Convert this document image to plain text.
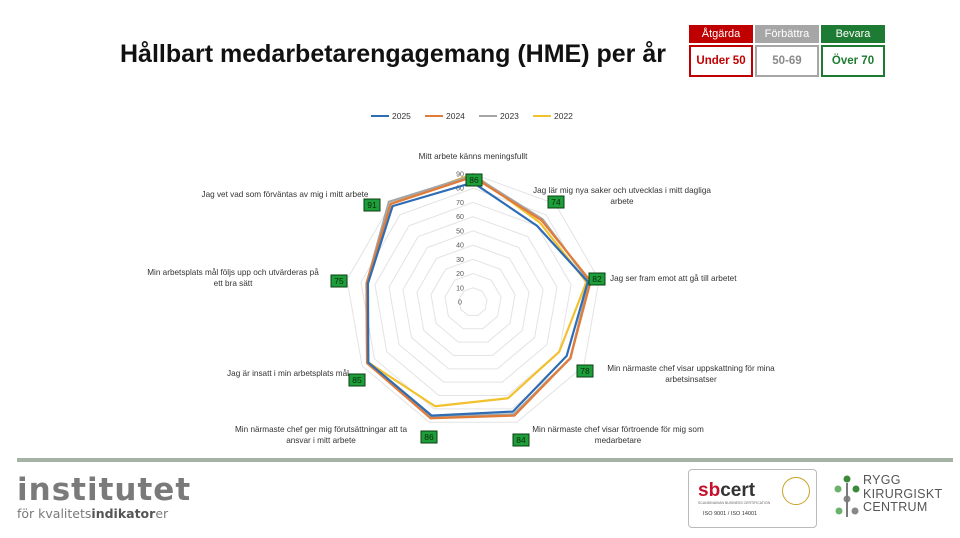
Hållbart medarbetarengagemang (HME) per år
Åtgärda	Förbättra	Bevara
Under 50	50-69	Över 70
2025	2024	2023	2022
0
10
20
30
40
50
60
70
80
90
Mitt arbete känns meningsfullt
Jag lär mig nya saker och utvecklas i mitt dagliga arbete
Jag ser fram emot att gå till arbetet
Min närmaste chef visar uppskattning för mina arbetsinsatser
Min närmaste chef visar förtroende för mig som medarbetare
Min närmaste chef ger mig förutsättningar att ta ansvar i mitt arbete
Jag är insatt i min arbetsplats mål
Min arbetsplats mål följs upp och utvärderas på ett bra sätt
Jag vet vad som förväntas av mig i mitt arbete
86
74
82
78
84
86
85
75
91
institutet
för kvalitetsindikatorer
sbcert
SCANDINAVIAN BUSINESS CERTIFICATION
ISO 9001 / ISO 14001
RYGG
KIRURGISKT
CENTRUM
